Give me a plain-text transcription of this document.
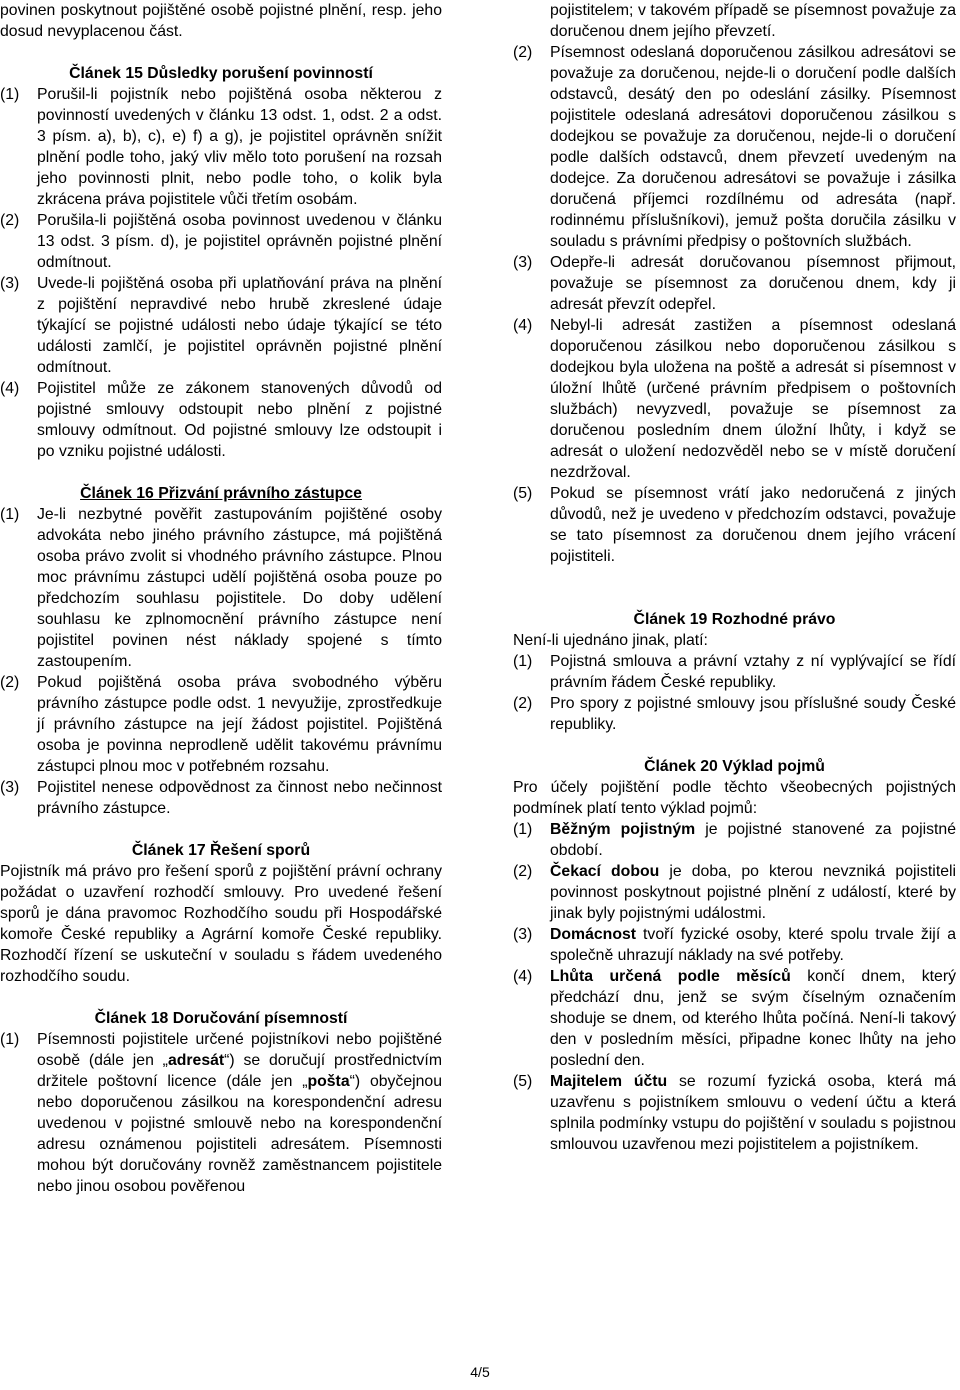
povinen poskytnout pojištěné osobě pojistné plnění, resp. jeho dosud nevyplacenou část.

Článek 15 Důsledky porušení povinností

(1)	Porušil-li pojistník nebo pojištěná osoba některou z povinností uvedených v článku 13 odst. 1, odst. 2 a odst. 3 písm. a), b), c), e) f) a g), je pojistitel oprávněn snížit plnění podle toho, jaký vliv mělo toto porušení na rozsah jeho povinnosti plnit, nebo podle toho, o kolik byla zkrácena práva pojistitele vůči třetím osobám.
(2)	Porušila-li pojištěná osoba povinnost uvedenou v článku 13 odst. 3 písm. d), je pojistitel oprávněn pojistné plnění odmítnout.
(3)	Uvede-li pojištěná osoba při uplatňování práva na plnění z pojištění nepravdivé nebo hrubě zkreslené údaje týkající se pojistné události nebo údaje týkající se této události zamlčí, je pojistitel oprávněn pojistné plnění odmítnout.
(4)	Pojistitel může ze zákonem stanovených důvodů od pojistné smlouvy odstoupit nebo plnění z pojistné smlouvy odmítnout. Od pojistné smlouvy lze odstoupit i po vzniku pojistné události.

Článek 16 Přizvání právního zástupce

(1)	Je-li nezbytné pověřit zastupováním pojištěné osoby advokáta nebo jiného právního zástupce, má pojištěná osoba právo zvolit si vhodného právního zástupce. Plnou moc právnímu zástupci udělí pojištěná osoba pouze po předchozím souhlasu pojistitele. Do doby udělení souhlasu ke zplnomocnění právního zástupce není pojistitel povinen nést náklady spojené s tímto zastoupením.
(2)	Pokud pojištěná osoba práva svobodného výběru právního zástupce podle odst. 1 nevyužije, zprostředkuje jí právního zástupce na její žádost pojistitel. Pojištěná osoba je povinna neprodleně udělit takovému právnímu zástupci plnou moc v potřebném rozsahu.
(3)	Pojistitel nenese odpovědnost za činnost nebo nečinnost právního zástupce.

Článek 17 Řešení sporů

Pojistník má právo pro řešení sporů z pojištění právní ochrany požádat o uzavření rozhodčí smlouvy. Pro uvedené řešení sporů je dána pravomoc Rozhodčího soudu při Hospodářské komoře České republiky a Agrární komoře České republiky. Rozhodčí řízení se uskuteční v souladu s řádem uvedeného rozhodčího soudu.

Článek 18 Doručování písemností

(1)	Písemnosti pojistitele určené pojistníkovi nebo pojištěné osobě (dále jen „adresát“) se doručují prostřednictvím držitele poštovní licence (dále jen „pošta“) obyčejnou nebo doporučenou zásilkou na korespondenční adresu uvedenou v pojistné smlouvě nebo na korespondenční adresu oznámenou pojistiteli adresátem. Písemnosti mohou být doručovány rovněž zaměstnancem pojistitele nebo jinou osobou pověřenou
pojistitelem; v takovém případě se písemnost považuje za doručenou dnem jejího převzetí.
(2)	Písemnost odeslaná doporučenou zásilkou adresátovi se považuje za doručenou, nejde-li o doručení podle dalších odstavců, desátý den po odeslání zásilky. Písemnost pojistitele odeslaná adresátovi doporučenou zásilkou s dodejkou se považuje za doručenou, nejde-li o doručení podle dalších odstavců, dnem převzetí uvedeným na dodejce. Za doručenou adresátovi se považuje i zásilka doručená příjemci rozdílnému od adresáta (např. rodinnému příslušníkovi), jemuž pošta doručila zásilku v souladu s právními předpisy o poštovních službách.
(3)	Odepře-li adresát doručovanou písemnost přijmout, považuje se písemnost za doručenou dnem, kdy ji adresát převzít odepřel.
(4)	Nebyl-li adresát zastižen a písemnost odeslaná doporučenou zásilkou nebo doporučenou zásilkou s dodejkou byla uložena na poště a adresát si písemnost v úložní lhůtě (určené právním předpisem o poštovních službách) nevyzvedl, považuje se písemnost za doručenou posledním dnem úložní lhůty, i když se adresát o uložení nedozvěděl nebo se v místě doručení nezdržoval.
(5)	Pokud se písemnost vrátí jako nedoručená z jiných důvodů, než je uvedeno v předchozím odstavci, považuje se tato písemnost za doručenou dnem jejího vrácení pojistiteli.

Článek 19 Rozhodné právo

Není-li ujednáno jinak, platí:

(1)	Pojistná smlouva a právní vztahy z ní vyplývající se řídí právním řádem České republiky.
(2)	Pro spory z pojistné smlouvy jsou příslušné soudy České republiky.

Článek 20 Výklad pojmů

Pro účely pojištění podle těchto všeobecných pojistných podmínek platí tento výklad pojmů:

(1)	Běžným pojistným je pojistné stanovené za pojistné období.
(2)	Čekací dobou je doba, po kterou nevzniká pojistiteli povinnost poskytnout pojistné plnění z událostí, které by jinak byly pojistnými událostmi.
(3)	Domácnost tvoří fyzické osoby, které spolu trvale žijí a společně uhrazují náklady na své potřeby.
(4)	Lhůta určená podle měsíců končí dnem, který předchází dnu, jenž se svým číselným označením shoduje se dnem, od kterého lhůta počíná. Není-li takový den v posledním měsíci, připadne konec lhůty na jeho poslední den.
(5)	Majitelem účtu se rozumí fyzická osoba, která má uzavřenu s pojistníkem smlouvu o vedení účtu a která splnila podmínky vstupu do pojištění v souladu s pojistnou smlouvou uzavřenou mezi pojistitelem a pojistníkem.
4/5
